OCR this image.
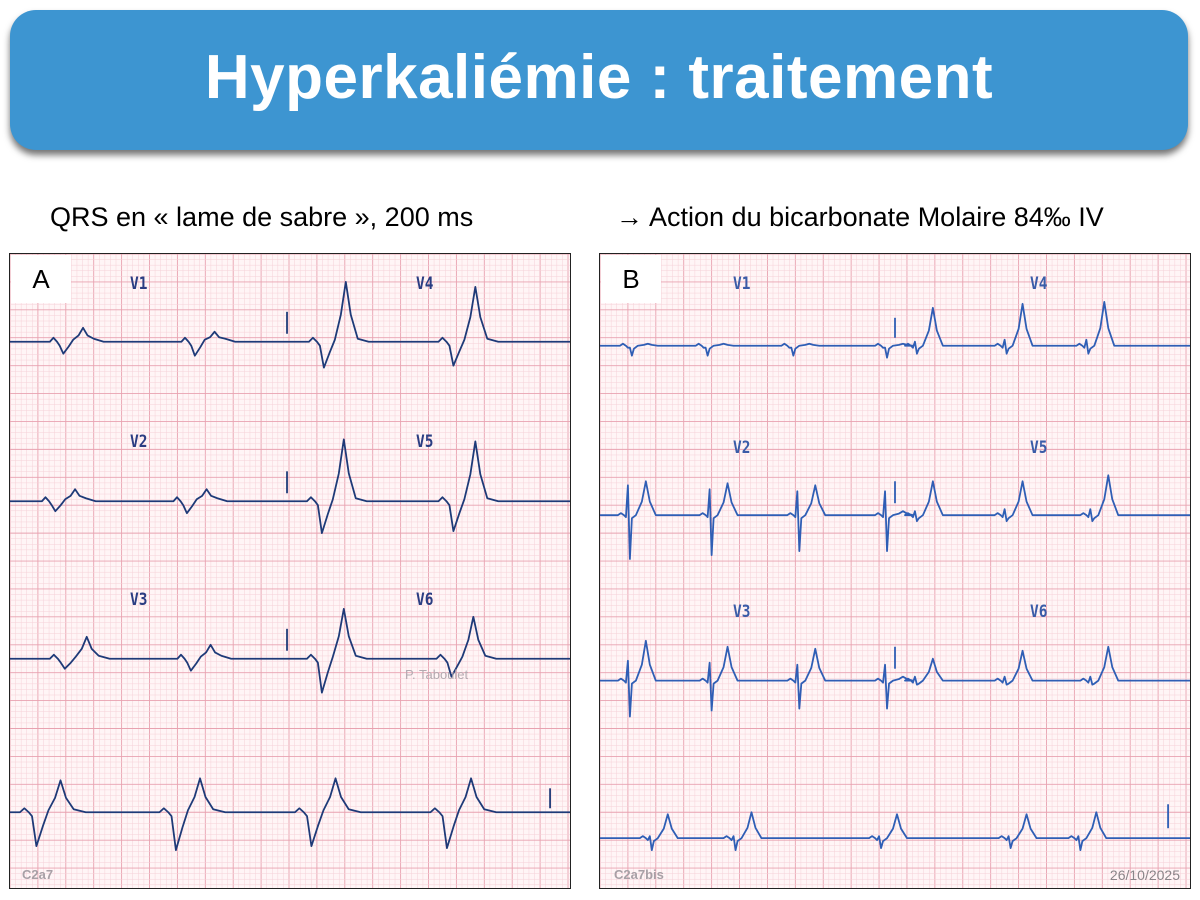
Hyperkaliémie : traitement
QRS en « lame de sabre », 200 ms	→ Action du bicarbonate Molaire 84‰ IV
A	V1	V4
V2	V5
V3	V6
P. Taboulet
C2a7
B	V1	V4
V2	V5
V3	V6
C2a7bis	26/10/2025
